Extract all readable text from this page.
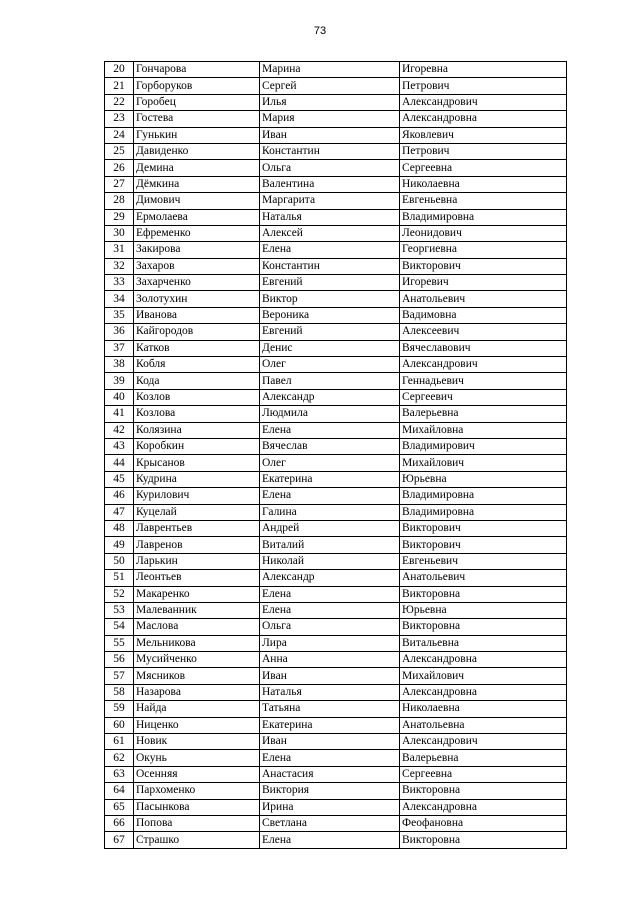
73
20	Гончарова	Марина	Игоревна
21	Горборуков	Сергей	Петрович
22	Горобец	Илья	Александрович
23	Гостева	Мария	Александровна
24	Гунькин	Иван	Яковлевич
25	Давиденко	Константин	Петрович
26	Демина	Ольга	Сергеевна
27	Дёмкина	Валентина	Николаевна
28	Димович	Маргарита	Евгеньевна
29	Ермолаева	Наталья	Владимировна
30	Ефременко	Алексей	Леонидович
31	Закирова	Елена	Георгиевна
32	Захаров	Константин	Викторович
33	Захарченко	Евгений	Игоревич
34	Золотухин	Виктор	Анатольевич
35	Иванова	Вероника	Вадимовна
36	Кайгородов	Евгений	Алексеевич
37	Катков	Денис	Вячеславович
38	Кобля	Олег	Александрович
39	Кода	Павел	Геннадьевич
40	Козлов	Александр	Сергеевич
41	Козлова	Людмила	Валерьевна
42	Колязина	Елена	Михайловна
43	Коробкин	Вячеслав	Владимирович
44	Крысанов	Олег	Михайлович
45	Кудрина	Екатерина	Юрьевна
46	Курилович	Елена	Владимировна
47	Куцелай	Галина	Владимировна
48	Лаврентьев	Андрей	Викторович
49	Лавренов	Виталий	Викторович
50	Ларькин	Николай	Евгеньевич
51	Леонтьев	Александр	Анатольевич
52	Макаренко	Елена	Викторовна
53	Малеванник	Елена	Юрьевна
54	Маслова	Ольга	Викторовна
55	Мельникова	Лира	Витальевна
56	Мусийченко	Анна	Александровна
57	Мясников	Иван	Михайлович
58	Назарова	Наталья	Александровна
59	Найда	Татьяна	Николаевна
60	Ниценко	Екатерина	Анатольевна
61	Новик	Иван	Александрович
62	Окунь	Елена	Валерьевна
63	Осенняя	Анастасия	Сергеевна
64	Пархоменко	Виктория	Викторовна
65	Пасынкова	Ирина	Александровна
66	Попова	Светлана	Феофановна
67	Страшко	Елена	Викторовна
